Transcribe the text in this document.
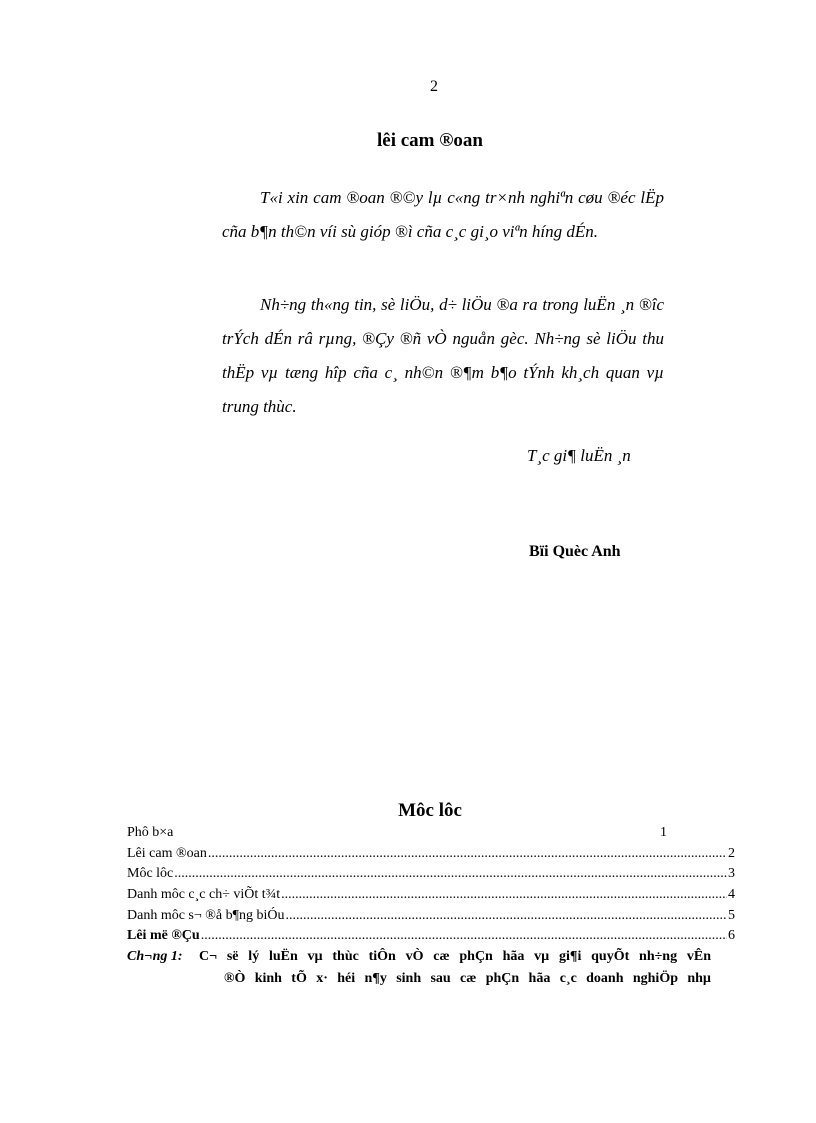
2
lêi cam ®oan
T«i xin cam ®oan ®©y lµ c«ng tr×nh nghiªn cøu ®éc lËp cña b¶n th©n víi sù gióp ®ì cña c¸c gi¸o viªn híng dÉn.
Nh÷ng th«ng tin, sè liÖu, d÷ liÖu ®a ra trong luËn ¸n ®îc trÝch dÉn râ rµng, ®Çy ®ñ vÒ nguån gèc. Nh÷ng sè liÖu thu thËp vµ tæng hîp cña c¸ nh©n ®¶m b¶o tÝnh kh¸ch quan vµ trung thùc.
T¸c gi¶ luËn ¸n
Bïi Quèc Anh
Môc lôc
Phô b×a	1
Lêi cam ®oan .....	2
Môc lôc .....	3
Danh môc c¸c ch÷ viÕt t¾t .....	4
Danh môc s¬ ®å b¶ng biÓu .....	5
Lêi më ®Çu .....	6
Ch¬ng 1: C¬ së lý luËn vµ thùc tiÔn vÒ cæ phÇn hãa vµ gi¶i quyÕt nh÷ng vÊn
®Ò kinh tÕ x· héi n¶y sinh sau cæ phÇn hãa c¸c doanh nghiÖp nhµ
